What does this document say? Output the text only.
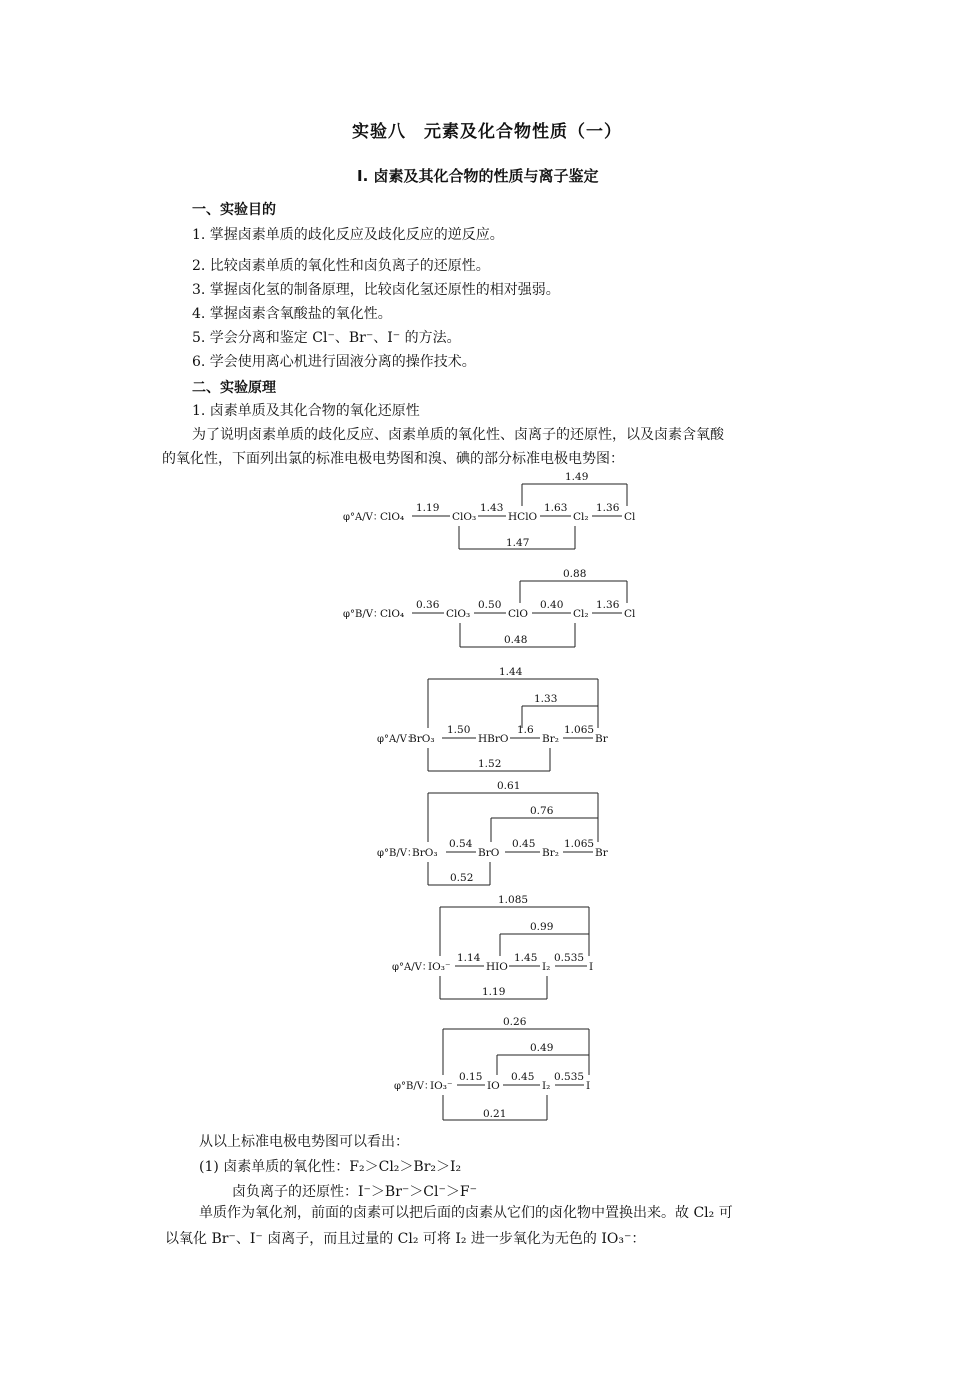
实验八　元素及化合物性质（一）
Ⅰ. 卤素及其化合物的性质与离子鉴定
一、实验目的
1. 掌握卤素单质的歧化反应及歧化反应的逆反应。
2. 比较卤素单质的氧化性和卤负离子的还原性。
3. 掌握卤化氢的制备原理，比较卤化氢还原性的相对强弱。
4. 掌握卤素含氧酸盐的氧化性。
5. 学会分离和鉴定 Cl⁻、Br⁻、I⁻ 的方法。
6. 学会使用离心机进行固液分离的操作技术。
二、实验原理
1. 卤素单质及其化合物的氧化还原性
为了说明卤素单质的歧化反应、卤素单质的氧化性、卤离子的还原性，以及卤素含氧酸
的氧化性，下面列出氯的标准电极电势图和溴、碘的部分标准电极电势图：
φ°A/V：
ClO₄	ClO₃	HClO	Cl₂	Cl
1.19	1.43	1.63	1.36
1.49
1.47
φ°B/V：
ClO₄	ClO₃	ClO	Cl₂	Cl
0.36	0.50	0.40	1.36
0.88
0.48
φ°A/V：
BrO₃	HBrO	Br₂	Br
1.50	1.6	1.065
1.44
1.33
1.52
φ°B/V：
BrO₃	BrO	Br₂	Br
0.54	0.45	1.065
0.61
0.76
0.52
φ°A/V：
IO₃⁻	HIO	I₂	I
1.14	1.45 0.535
1.085
0.99
1.19
φ°B/V：
IO₃⁻	IO	I₂	I
0.15	0.45 0.535
0.26
0.49
0.21
从以上标准电极电势图可以看出：
(1) 卤素单质的氧化性：F₂＞Cl₂＞Br₂＞I₂
卤负离子的还原性：I⁻＞Br⁻＞Cl⁻＞F⁻
单质作为氧化剂，前面的卤素可以把后面的卤素从它们的卤化物中置换出来。故 Cl₂ 可
以氧化 Br⁻、I⁻ 卤离子，而且过量的 Cl₂ 可将 I₂ 进一步氧化为无色的 IO₃⁻：
